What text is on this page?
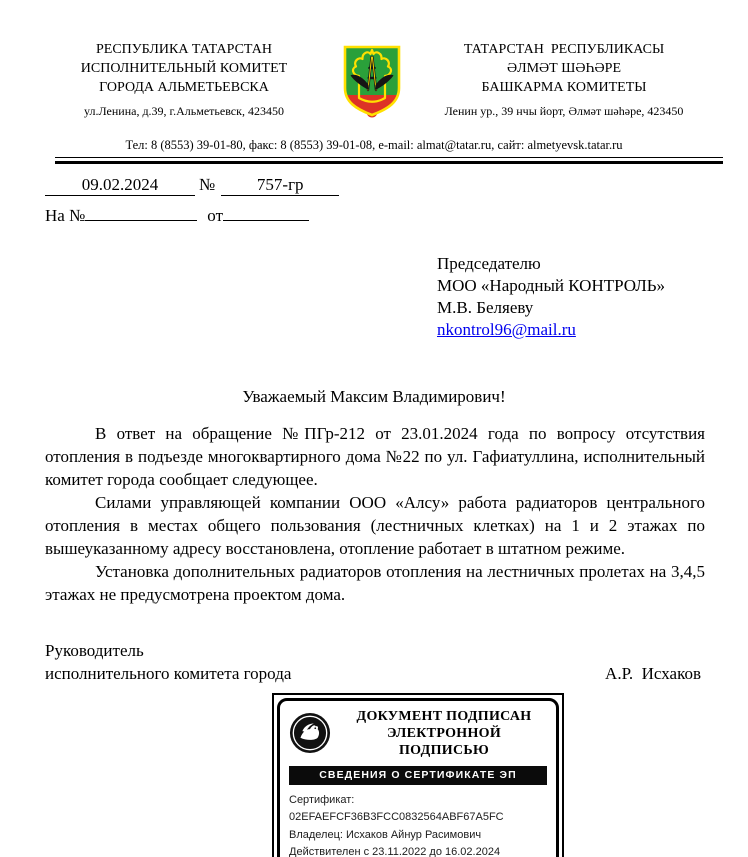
РЕСПУБЛИКА ТАТАРСТАН
ИСПОЛНИТЕЛЬНЫЙ КОМИТЕТ
ГОРОДА АЛЬМЕТЬЕВСКА
ул.Ленина, д.39, г.Альметьевск, 423450
ТАТАРСТАН  РЕСПУБЛИКАСЫ
ӘЛМӘТ ШӘҺӘРЕ
БАШКАРМА КОМИТЕТЫ
Ленин ур., 39 нчы йорт, Әлмәт шәһәре, 423450
Тел: 8 (8553) 39-01-80, факс: 8 (8553) 39-01-08, e-mail: almat@tatar.ru, сайт: almetyevsk.tatar.ru
09.02.2024	№	757-гр
На №	от
Председателю
МОО «Народный КОНТРОЛЬ»
М.В. Беляеву
nkontrol96@mail.ru
Уважаемый Максим Владимирович!

В ответ на обращение №ПГр-212 от 23.01.2024 года по вопросу отсутствия отопления в подъезде многоквартирного дома №22 по ул. Гафиатуллина, исполнительный комитет города сообщает следующее.

Силами управляющей компании ООО «Алсу» работа радиаторов центрального отопления в местах общего пользования (лестничных клетках) на 1 и 2 этажах по вышеуказанному адресу восстановлена, отопление работает в штатном режиме.

Установка дополнительных радиаторов отопления на лестничных пролетах на 3,4,5 этажах не предусмотрена проектом дома.

Руководитель
исполнительного комитета города	А.Р.  Исхаков
ДОКУМЕНТ ПОДПИСАН
ЭЛЕКТРОННОЙ ПОДПИСЬЮ
СВЕДЕНИЯ О СЕРТИФИКАТЕ ЭП
Сертификат: 02EFAEFCF36B3FCC0832564ABF67A5FC
Владелец: Исхаков Айнур Расимович
Действителен с 23.11.2022 до 16.02.2024
